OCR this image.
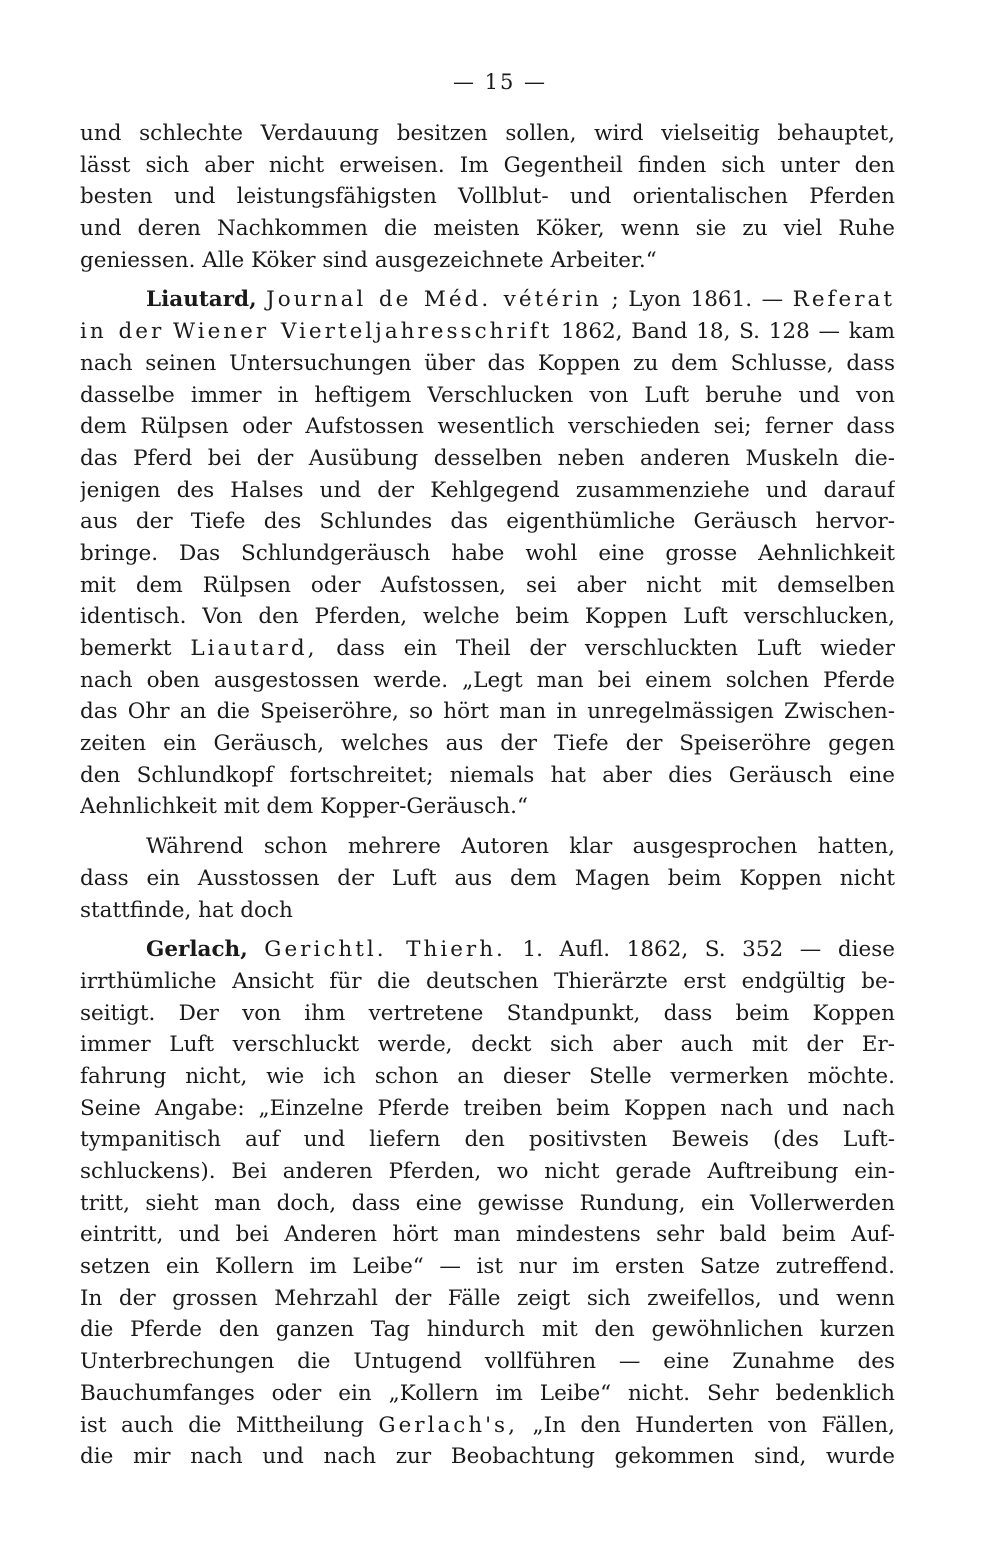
— 15 —
und schlechte Verdauung besitzen sollen, wird vielseitig behauptet,
lässt sich aber nicht erweisen. Im Gegentheil finden sich unter den
besten und leistungsfähigsten Vollblut- und orientalischen Pferden
und deren Nachkommen die meisten Köker, wenn sie zu viel Ruhe
geniessen. Alle Köker sind ausgezeichnete Arbeiter.“
Liautard, Journal de Méd. vétérin ; Lyon 1861. — Referat
in der Wiener Vierteljahresschrift 1862, Band 18, S. 128 — kam
nach seinen Untersuchungen über das Koppen zu dem Schlusse, dass
dasselbe immer in heftigem Verschlucken von Luft beruhe und von
dem Rülpsen oder Aufstossen wesentlich verschieden sei; ferner dass
das Pferd bei der Ausübung desselben neben anderen Muskeln die-
jenigen des Halses und der Kehlgegend zusammenziehe und darauf
aus der Tiefe des Schlundes das eigenthümliche Geräusch hervor-
bringe. Das Schlundgeräusch habe wohl eine grosse Aehnlichkeit
mit dem Rülpsen oder Aufstossen, sei aber nicht mit demselben
identisch. Von den Pferden, welche beim Koppen Luft verschlucken,
bemerkt Liautard, dass ein Theil der verschluckten Luft wieder
nach oben ausgestossen werde. „Legt man bei einem solchen Pferde
das Ohr an die Speiseröhre, so hört man in unregelmässigen Zwischen-
zeiten ein Geräusch, welches aus der Tiefe der Speiseröhre gegen
den Schlundkopf fortschreitet; niemals hat aber dies Geräusch eine
Aehnlichkeit mit dem Kopper-Geräusch.“
Während schon mehrere Autoren klar ausgesprochen hatten,
dass ein Ausstossen der Luft aus dem Magen beim Koppen nicht
stattfinde, hat doch
Gerlach, Gerichtl. Thierh. 1. Aufl. 1862, S. 352 — diese
irrthümliche Ansicht für die deutschen Thierärzte erst endgültig be-
seitigt. Der von ihm vertretene Standpunkt, dass beim Koppen
immer Luft verschluckt werde, deckt sich aber auch mit der Er-
fahrung nicht, wie ich schon an dieser Stelle vermerken möchte.
Seine Angabe: „Einzelne Pferde treiben beim Koppen nach und nach
tympanitisch auf und liefern den positivsten Beweis (des Luft-
schluckens). Bei anderen Pferden, wo nicht gerade Auftreibung ein-
tritt, sieht man doch, dass eine gewisse Rundung, ein Vollerwerden
eintritt, und bei Anderen hört man mindestens sehr bald beim Auf-
setzen ein Kollern im Leibe“ — ist nur im ersten Satze zutreffend.
In der grossen Mehrzahl der Fälle zeigt sich zweifellos, und wenn
die Pferde den ganzen Tag hindurch mit den gewöhnlichen kurzen
Unterbrechungen die Untugend vollführen — eine Zunahme des
Bauchumfanges oder ein „Kollern im Leibe“ nicht. Sehr bedenklich
ist auch die Mittheilung Gerlach's, „In den Hunderten von Fällen,
die mir nach und nach zur Beobachtung gekommen sind, wurde
